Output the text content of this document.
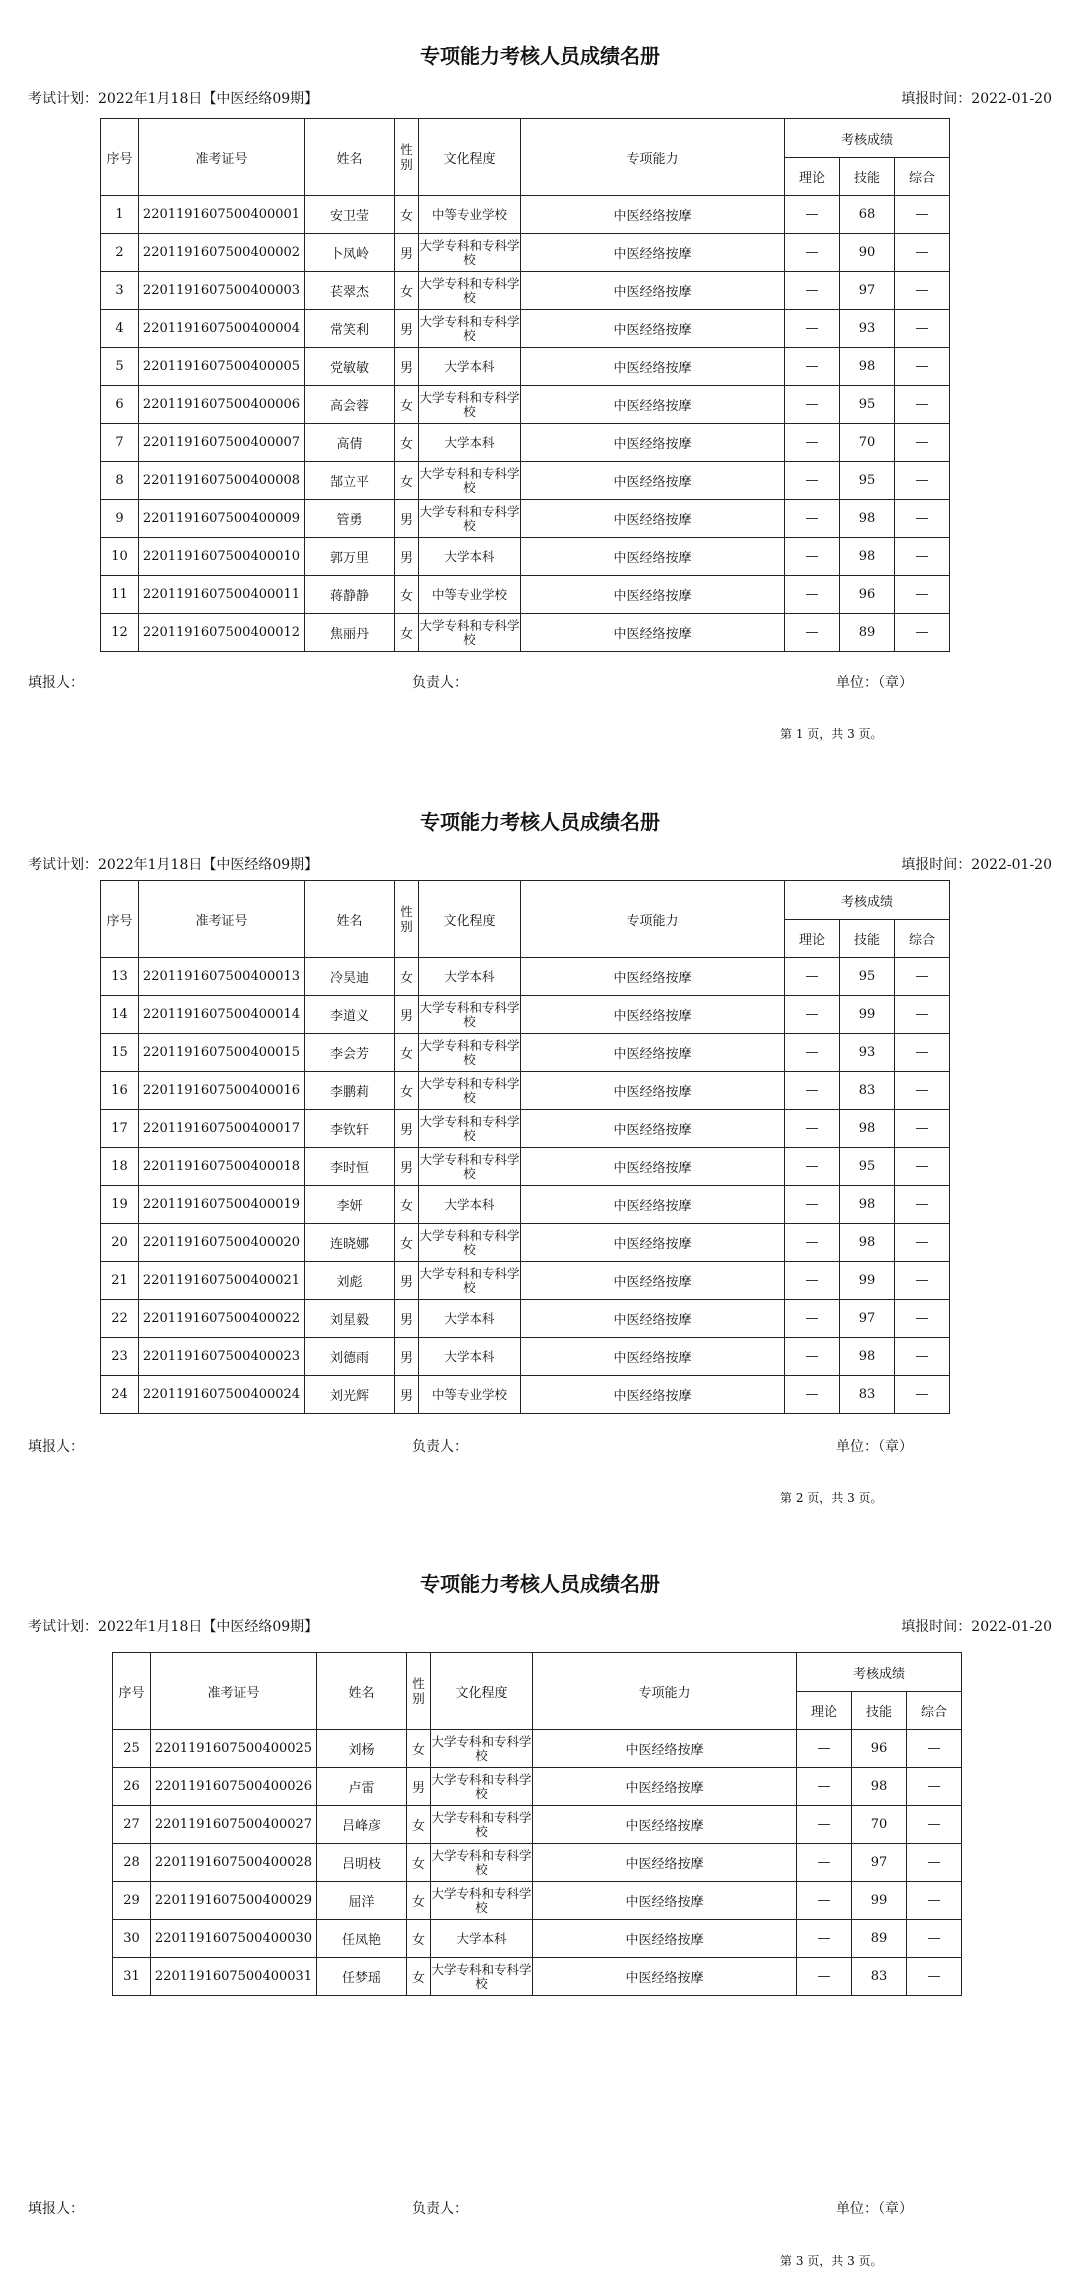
专项能力考核人员成绩名册
考试计划：2022年1月18日【中医经络09期】	填报时间：2022-01-20
序号	准考证号	姓名	性别	文化程度	专项能力	考核成绩		
						理论	技能	综合
1	2201191607500400001	安卫莹	女	中等专业学校	中医经络按摩	—	68	—
2	2201191607500400002	卜凤岭	男	大学专科和专科学校	中医经络按摩	—	90	—
3	2201191607500400003	苌翠杰	女	大学专科和专科学校	中医经络按摩	—	97	—
4	2201191607500400004	常笑利	男	大学专科和专科学校	中医经络按摩	—	93	—
5	2201191607500400005	党敏敏	男	大学本科	中医经络按摩	—	98	—
6	2201191607500400006	高会蓉	女	大学专科和专科学校	中医经络按摩	—	95	—
7	2201191607500400007	高倩	女	大学本科	中医经络按摩	—	70	—
8	2201191607500400008	郜立平	女	大学专科和专科学校	中医经络按摩	—	95	—
9	2201191607500400009	管勇	男	大学专科和专科学校	中医经络按摩	—	98	—
10	2201191607500400010	郭万里	男	大学本科	中医经络按摩	—	98	—
11	2201191607500400011	蒋静静	女	中等专业学校	中医经络按摩	—	96	—
12	2201191607500400012	焦丽丹	女	大学专科和专科学校	中医经络按摩	—	89	—
填报人：	负责人：	单位：（章）
第 1 页，共 3 页。
专项能力考核人员成绩名册
考试计划：2022年1月18日【中医经络09期】	填报时间：2022-01-20
序号	准考证号	姓名	性别	文化程度	专项能力	考核成绩		
						理论	技能	综合
13	2201191607500400013	冷昊迪	女	大学本科	中医经络按摩	—	95	—
14	2201191607500400014	李道义	男	大学专科和专科学校	中医经络按摩	—	99	—
15	2201191607500400015	李会芳	女	大学专科和专科学校	中医经络按摩	—	93	—
16	2201191607500400016	李鹏莉	女	大学专科和专科学校	中医经络按摩	—	83	—
17	2201191607500400017	李钦轩	男	大学专科和专科学校	中医经络按摩	—	98	—
18	2201191607500400018	李时恒	男	大学专科和专科学校	中医经络按摩	—	95	—
19	2201191607500400019	李妍	女	大学本科	中医经络按摩	—	98	—
20	2201191607500400020	连晓娜	女	大学专科和专科学校	中医经络按摩	—	98	—
21	2201191607500400021	刘彪	男	大学专科和专科学校	中医经络按摩	—	99	—
22	2201191607500400022	刘星毅	男	大学本科	中医经络按摩	—	97	—
23	2201191607500400023	刘德雨	男	大学本科	中医经络按摩	—	98	—
24	2201191607500400024	刘光辉	男	中等专业学校	中医经络按摩	—	83	—
填报人：	负责人：	单位：（章）
第 2 页，共 3 页。
专项能力考核人员成绩名册
考试计划：2022年1月18日【中医经络09期】	填报时间：2022-01-20
序号	准考证号	姓名	性别	文化程度	专项能力	考核成绩		
						理论	技能	综合
25	2201191607500400025	刘杨	女	大学专科和专科学校	中医经络按摩	—	96	—
26	2201191607500400026	卢雷	男	大学专科和专科学校	中医经络按摩	—	98	—
27	2201191607500400027	吕峰彦	女	大学专科和专科学校	中医经络按摩	—	70	—
28	2201191607500400028	吕明枝	女	大学专科和专科学校	中医经络按摩	—	97	—
29	2201191607500400029	屈洋	女	大学专科和专科学校	中医经络按摩	—	99	—
30	2201191607500400030	任凤艳	女	大学本科	中医经络按摩	—	89	—
31	2201191607500400031	任梦瑶	女	大学专科和专科学校	中医经络按摩	—	83	—
填报人：	负责人：	单位：（章）
第 3 页，共 3 页。
